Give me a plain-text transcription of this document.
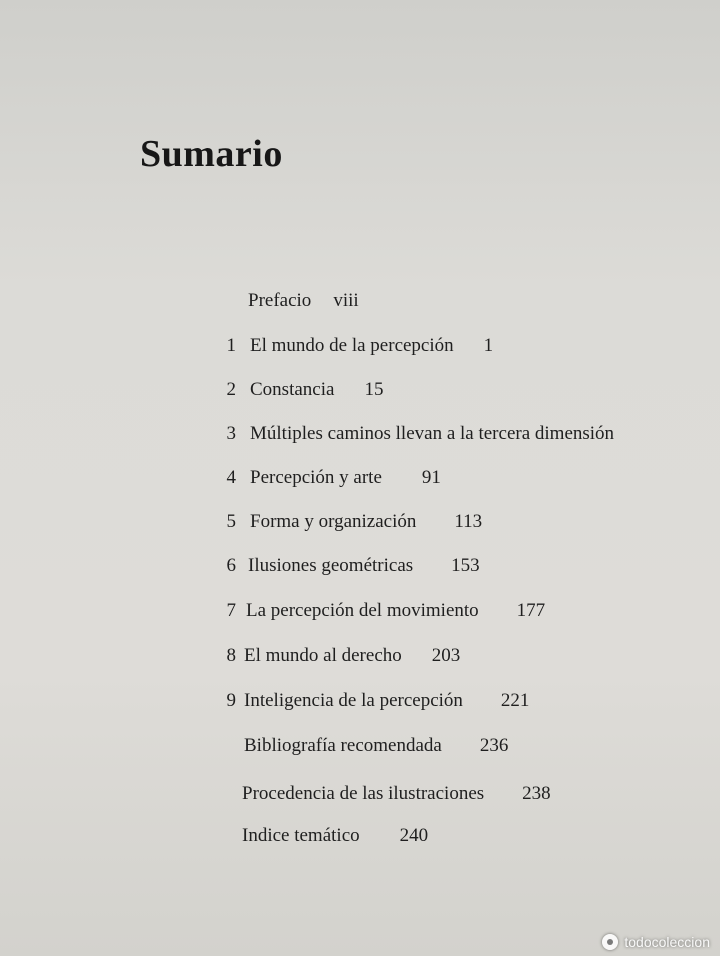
Sumario
Prefacio viii
1 El mundo de la percepción 1
2 Constancia 15
3 Múltiples caminos llevan a la tercera dimensión
4 Percepción y arte 91
5 Forma y organización 113
6 Ilusiones geométricas 153
7 La percepción del movimiento 177
8 El mundo al derecho 203
9 Inteligencia de la percepción 221
Bibliografía recomendada 236
Procedencia de las ilustraciones 238
Indice temático 240
todocoleccion
